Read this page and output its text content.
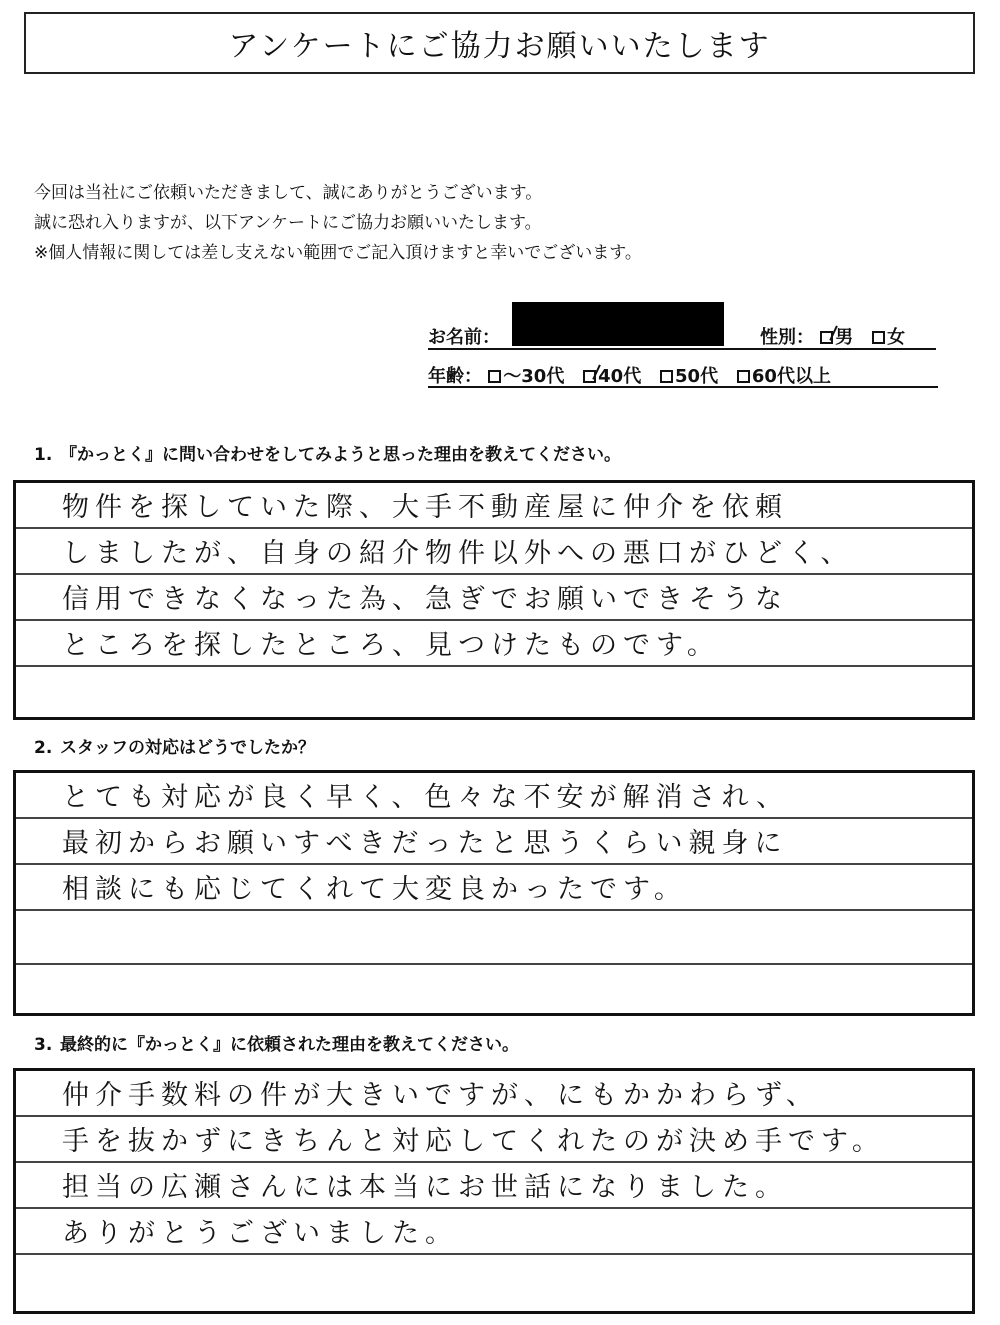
アンケートにご協力お願いいたします
今回は当社にご依頼いただきまして、誠にありがとうございます。
誠に恐れ入りますが、以下アンケートにご協力お願いいたします。
※個人情報に関しては差し支えない範囲でご記入頂けますと幸いでございます。
お名前：	性別： 男 女
年齢： ～30代 40代 50代 60代以上
1. 『かっとく』に問い合わせをしてみようと思った理由を教えてください。
物件を探していた際、大手不動産屋に仲介を依頼
しましたが、自身の紹介物件以外への悪口がひどく、
信用できなくなった為、急ぎでお願いできそうな
ところを探したところ、見つけたものです。
2. スタッフの対応はどうでしたか？
とても対応が良く早く、色々な不安が解消され、
最初からお願いすべきだったと思うくらい親身に
相談にも応じてくれて大変良かったです。
3. 最終的に『かっとく』に依頼された理由を教えてください。
仲介手数料の件が大きいですが、にもかかわらず、
手を抜かずにきちんと対応してくれたのが決め手です。
担当の広瀬さんには本当にお世話になりました。
ありがとうございました。
